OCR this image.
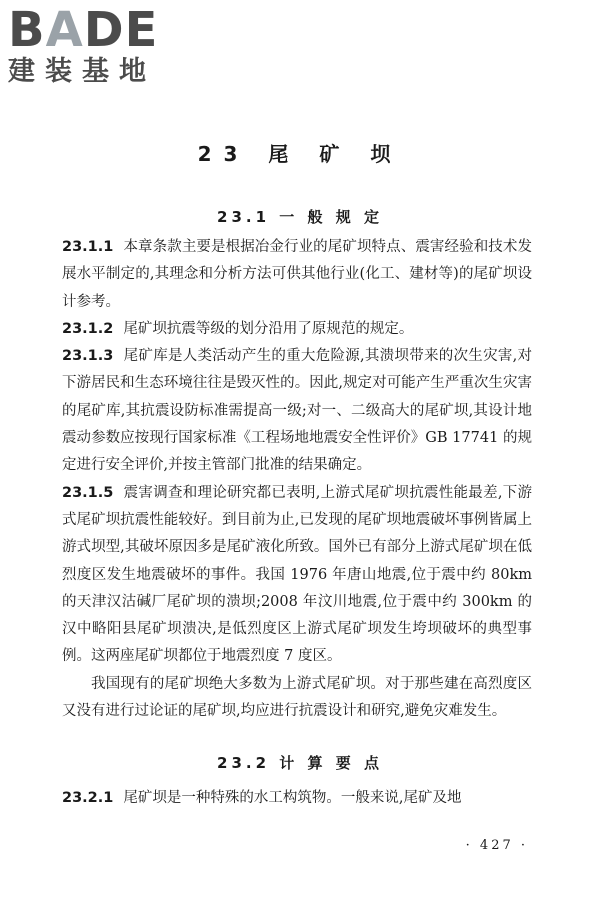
BADE
建装基地
23 尾 矿 坝
23.1 一 般 规 定

23.1.1 本章条款主要是根据冶金行业的尾矿坝特点、震害经验和技术发展水平制定的,其理念和分析方法可供其他行业(化工、建材等)的尾矿坝设计参考。

23.1.2 尾矿坝抗震等级的划分沿用了原规范的规定。

23.1.3 尾矿库是人类活动产生的重大危险源,其溃坝带来的次生灾害,对下游居民和生态环境往往是毁灭性的。因此,规定对可能产生严重次生灾害的尾矿库,其抗震设防标准需提高一级;对一、二级高大的尾矿坝,其设计地震动参数应按现行国家标准《工程场地地震安全性评价》GB 17741 的规定进行安全评价,并按主管部门批准的结果确定。

23.1.5 震害调查和理论研究都已表明,上游式尾矿坝抗震性能最差,下游式尾矿坝抗震性能较好。到目前为止,已发现的尾矿坝地震破坏事例皆属上游式坝型,其破坏原因多是尾矿液化所致。国外已有部分上游式尾矿坝在低烈度区发生地震破坏的事件。我国 1976 年唐山地震,位于震中约 80km 的天津汉沽碱厂尾矿坝的溃坝;2008 年汶川地震,位于震中约 300km 的汉中略阳县尾矿坝溃决,是低烈度区上游式尾矿坝发生垮坝破坏的典型事例。这两座尾矿坝都位于地震烈度 7 度区。

我国现有的尾矿坝绝大多数为上游式尾矿坝。对于那些建在高烈度区又没有进行过论证的尾矿坝,均应进行抗震设计和研究,避免灾难发生。

23.2 计 算 要 点

23.2.1 尾矿坝是一种特殊的水工构筑物。一般来说,尾矿及地

· 427 ·
